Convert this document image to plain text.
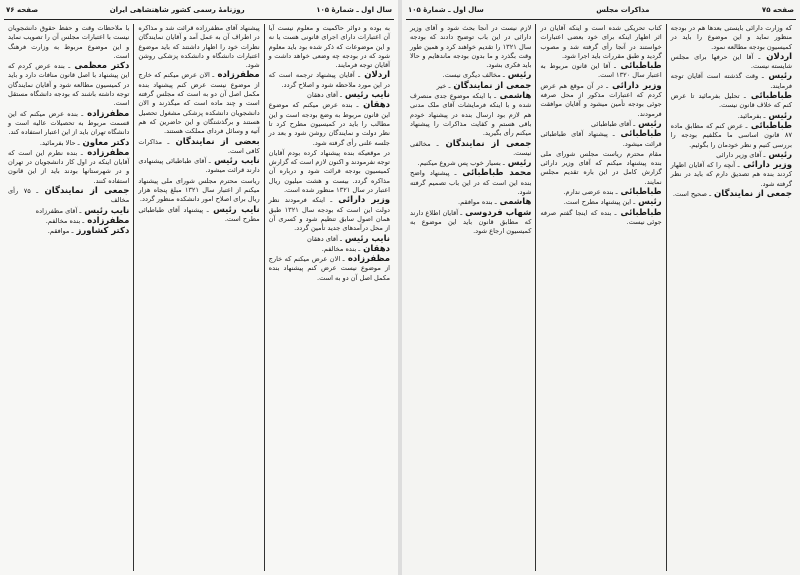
سال اول ـ شمارهٔ ۱۰۵
روزنامهٔ رسمی کشور شاهنشاهی ایران
صفحه ۷۶
به بوده و دوائر حاکمیت و معلوم نیست آیا آن اعتبارات دارای اجرای قانونی هست یا نه و این موضوعات که ذکر شده بود باید معلوم شود که در بودجه چه وضعی خواهد داشت و آقایان توجه فرمایند.
اردلان ـ آقایان پیشنهاد ترجمه است که در این مورد ملاحظه شود و اصلاح گردد.
نایب رئیس ـ آقای دهقان
دهقان ـ بنده عرض میکنم که موضوع این قانون مربوط به وضع بودجه است و این مطالب را باید در کمیسیون مطرح کرد تا نظر دولت و نمایندگان روشن شود و بعد در جلسه علنی رأی گرفته شود.
در موقعیکه بنده پیشنهاد کرده بودم آقایان توجه نفرمودند و اکنون لازم است که گزارش کمیسیون بودجه قرائت شود و درباره آن مذاکره گردد. بیست و هشت میلیون ریال اعتبار در سال ۱۳۲۱ منظور شده است.
وزیر دارائی ـ اینکه فرمودند نظر دولت این است که بودجه سال ۱۳۲۱ طبق همان اصول سابق تنظیم شود و کسری آن از محل درآمدهای جدید تأمین گردد.
نایب رئیس ـ آقای دهقان
دهقان ـ بنده مخالفم.
مظفرزاده ـ الان عرض میکنم که خارج از موضوع نیست عرض کنم پیشنهاد بنده مکمل اصل آن دو به است.
پیشنهاد آقای مظفرزاده قرائت شد و مذاکره در اطراف آن به عمل آمد و آقایان نمایندگان نظرات خود را اظهار داشتند که باید موضوع اعتبارات دانشگاه و دانشکده پزشکی روشن شود.
مظفرزاده ـ الان عرض میکنم که خارج از موضوع نیست عرض کنم پیشنهاد بنده مکمل اصل آن دو به است که مجلس گرفته است و چند ماده است که میگذرند و الان دانشجویان دانشکده پزشکی مشغول تحصیل هستند و برگذشتگان و این حاضرین که هم آتیه و وسائل فردای مملکت هستند.
بعضی از نمایندگان ـ مذاکرات کافی است.
نایب رئیس ـ آقای طباطبائی پیشنهادی دارند قرائت میشود.
ریاست محترم مجلس شورای ملی پیشنهاد میکنم از اعتبار سال ۱۳۲۱ مبلغ پنجاه هزار ریال برای اصلاح امور دانشکده منظور گردد.
نایب رئیس ـ پیشنهاد آقای طباطبائی مطرح است.
با ملاحظات وقت و حفظ حقوق دانشجویان نیست با اعتبارات مجلس آن را تصویب نماید و این موضوع مربوط به وزارت فرهنگ است.
دکتر معظمی ـ بنده عرض کردم که این پیشنهاد با اصل قانون منافات دارد و باید در کمیسیون مطالعه شود و آقایان نمایندگان توجه داشته باشند که بودجه دانشگاه مستقل است.
مظفرزاده ـ بنده عرض میکنم که این قسمت مربوط به تحصیلات عالیه است و دانشگاه تهران باید از این اعتبار استفاده کند.
دکتر معاون ـ حالا بفرمائید.
مظفرزاده ـ بنده نظرم این است که آقایان اینکه در اول کار دانشجویان در تهران و در شهرستانها بودند باید از این قانون استفاده کنند.
جمعی از نمایندگان ـ ۷۵ رأی مخالف
نایب رئیس ـ آقای مظفرزاده
مظفرزاده ـ بنده مخالفم.
دکتر کشاورز ـ موافقم.
صفحه ۷۵
مذاکرات مجلس
سال اول ـ شمارهٔ ۱۰۵
که وزارت دارائی بایستی بعدها هم در بودجه منظور نماید و این موضوع را باید در کمیسیون بودجه مطالعه نمود.
اردلان ـ آقا این حرفها برای مجلس شایسته نیست.
رئیس ـ وقت گذشته است آقایان توجه فرمایند.
طباطبائی ـ تحلیل بفرمائید تا عرض کنم که خلاف قانون نیست.
رئیس ـ بفرمائید.
طباطبائی ـ عرض کنم که مطابق ماده ۸۷ قانون اساسی ما مکلفیم بودجه را بررسی کنیم و نظر خودمان را بگوئیم.
رئیس ـ آقای وزیر دارائی
وزیر دارائی ـ آنچه را که آقایان اظهار کردند بنده هم تصدیق دارم که باید در نظر گرفته شود.
جمعی از نمایندگان ـ صحیح است.
کتاب تحریکی شده است و اینکه آقایان در اثر اظهار اینکه برای خود بعضی اعتبارات خواستند در آنجا رأی گرفته شد و مصوب گردید و طبق مقررات باید اجرا شود.
طباطبائی ـ آقا این قانون مربوط به اعتبار سال ۱۳۲۰ است.
وزیر دارائی ـ در آن موقع هم عرض کردم که اعتبارات مذکور از محل صرفه جوئی بودجه تأمین میشود و آقایان موافقت فرمودند.
رئیس ـ آقای طباطبائی
طباطبائی ـ پیشنهاد آقای طباطبائی قرائت میشود.
مقام محترم ریاست مجلس شورای ملی بنده پیشنهاد میکنم که آقای وزیر دارائی گزارش کامل در این باره تقدیم مجلس نمایند.
طباطبائی ـ بنده عرضی ندارم.
رئیس ـ این پیشنهاد مطرح است.
طباطبائی ـ بنده که اینجا گفتم صرفه جوئی نیست.
لازم نیست در آنجا بحث شود و آقای وزیر دارائی در این باب توضیح دادند که بودجه سال ۱۳۲۱ را تقدیم خواهند کرد و همین طور وقت بگذرد و ما بدون بودجه ماندهایم و حالا باید فکری بشود.
رئیس ـ مخالف دیگری نیست.
جمعی از نمایندگان ـ خیر
هاشمی ـ با اینکه موضوع جدی منصرف شده و با اینکه فرمایشات آقای ملک مدنی هم لازم بود ارسال بنده در پیشنهاد خودم باقی هستم و کفایت مذاکرات را پیشنهاد میکنم رأی بگیرید.
جمعی از نمایندگان ـ مخالفی نیست.
رئیس ـ بسیار خوب پس شروع میکنیم.
محمد طباطبائی ـ پیشنهاد واضح بنده این است که در این باب تصمیم گرفته شود.
هاشمی ـ بنده موافقم.
شهاب فردوسی ـ آقایان اطلاع دارند که مطابق قانون باید این موضوع به کمیسیون ارجاع شود.
